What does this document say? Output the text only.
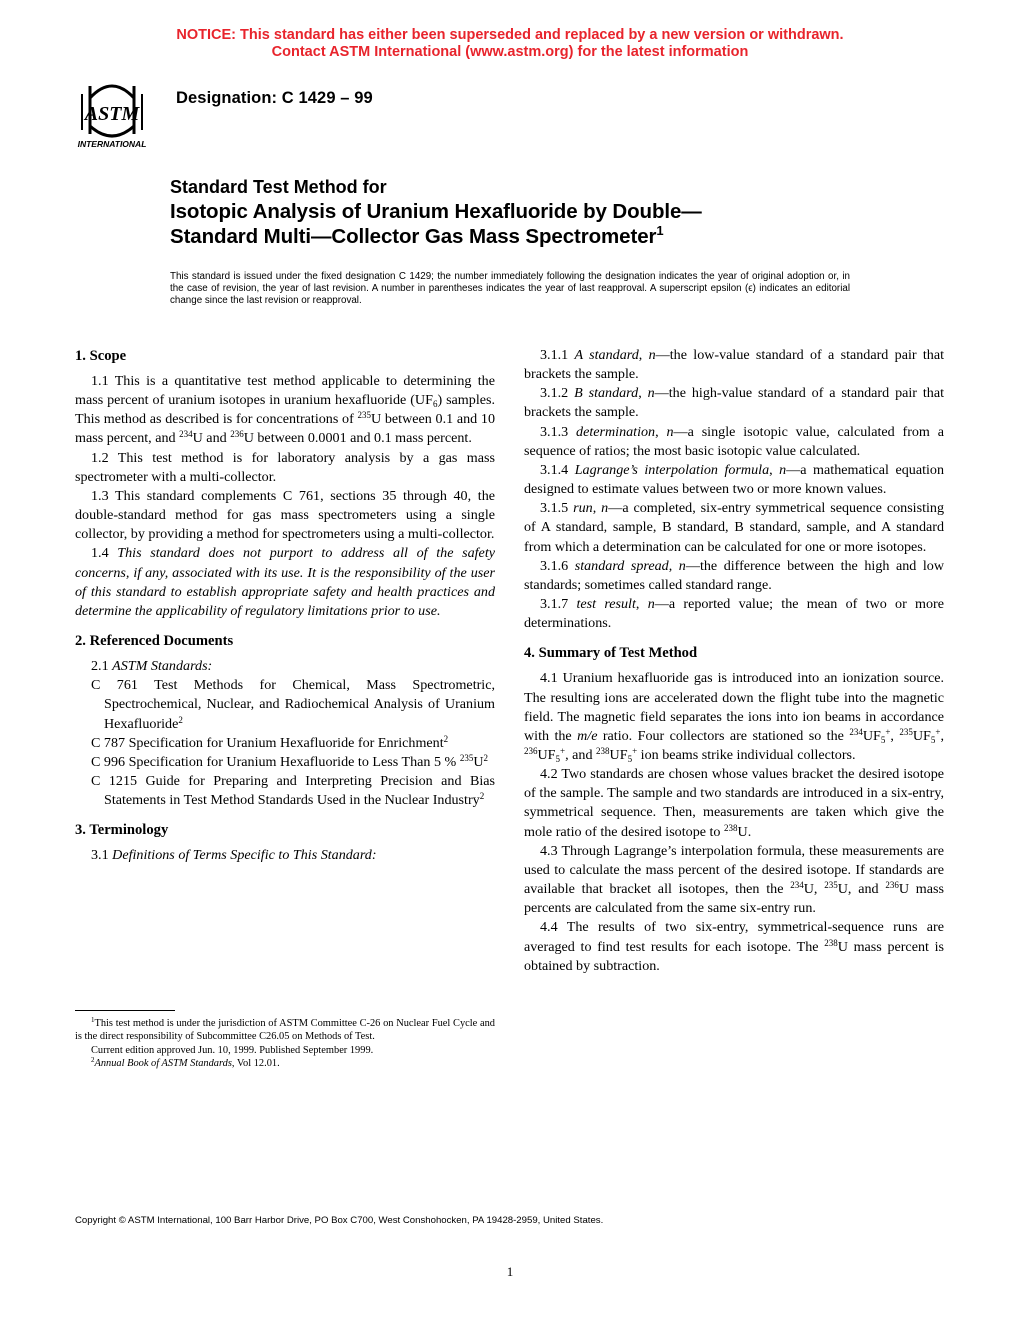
NOTICE: This standard has either been superseded and replaced by a new version or withdrawn.
Contact ASTM International (www.astm.org) for the latest information
ASTM
INTERNATIONAL
Designation: C 1429 – 99
Standard Test Method for
Isotopic Analysis of Uranium Hexafluoride by Double—
Standard Multi—Collector Gas Mass Spectrometer$^1$
This standard is issued under the fixed designation C 1429; the number immediately following the designation indicates the year of original adoption or, in the case of revision, the year of last revision. A number in parentheses indicates the year of last reapproval. A superscript epsilon (ϵ) indicates an editorial change since the last revision or reapproval.
1. Scope

1.1 This is a quantitative test method applicable to determining the mass percent of uranium isotopes in uranium hexafluoride $(UF_6)$ samples. This method as described is for concentrations of $^{235}$U between 0.1 and 10 mass percent, and $^{234}$U and $^{236}$U between 0.0001 and 0.1 mass percent.

1.2 This test method is for laboratory analysis by a gas mass spectrometer with a multi-collector.

1.3 This standard complements C 761, sections 35 through 40, the double-standard method for gas mass spectrometers using a single collector, by providing a method for spectrometers using a multi-collector.

1.4 This standard does not purport to address all of the safety concerns, if any, associated with its use. It is the responsibility of the user of this standard to establish appropriate safety and health practices and determine the applicability of regulatory limitations prior to use.

2. Referenced Documents

2.1 ASTM Standards:

C 761 Test Methods for Chemical, Mass Spectrometric, Spectrochemical, Nuclear, and Radiochemical Analysis of Uranium Hexafluoride$^2$

C 787 Specification for Uranium Hexafluoride for Enrichment$^2$

C 996 Specification for Uranium Hexafluoride to Less Than 5 % $^{235}U^2$

C 1215 Guide for Preparing and Interpreting Precision and Bias Statements in Test Method Standards Used in the Nuclear Industry$^2$

3. Terminology

3.1 Definitions of Terms Specific to This Standard:

3.1.1 A standard, n—the low-value standard of a standard pair that brackets the sample.

3.1.2 B standard, n—the high-value standard of a standard pair that brackets the sample.

3.1.3 determination, n—a single isotopic value, calculated from a sequence of ratios; the most basic isotopic value calculated.

3.1.4 Lagrange’s interpolation formula, n—a mathematical equation designed to estimate values between two or more known values.

3.1.5 run, n—a completed, six-entry symmetrical sequence consisting of A standard, sample, B standard, B standard, sample, and A standard from which a determination can be calculated for one or more isotopes.

3.1.6 standard spread, n—the difference between the high and low standards; sometimes called standard range.

3.1.7 test result, n—a reported value; the mean of two or more determinations.

4. Summary of Test Method

4.1 Uranium hexafluoride gas is introduced into an ionization source. The resulting ions are accelerated down the flight tube into the magnetic field. The magnetic field separates the ions into ion beams in accordance with the m/e ratio. Four collectors are stationed so the $^{234}UF_5^+$, $^{235}UF_5^+$, $^{236}UF_5^+$, and $^{238}UF_5^+$ ion beams strike individual collectors.

4.2 Two standards are chosen whose values bracket the desired isotope of the sample. The sample and two standards are introduced in a six-entry, symmetrical sequence. Then, measurements are taken which give the mole ratio of the desired isotope to $^{238}$U.

4.3 Through Lagrange’s interpolation formula, these measurements are used to calculate the mass percent of the desired isotope. If standards are available that bracket all isotopes, then the $^{234}$U, $^{235}$U, and $^{236}$U mass percents are calculated from the same six-entry run.

4.4 The results of two six-entry, symmetrical-sequence runs are averaged to find test results for each isotope. The $^{238}$U mass percent is obtained by subtraction.

$^1$This test method is under the jurisdiction of ASTM Committee C-26 on Nuclear Fuel Cycle and is the direct responsibility of Subcommittee C26.05 on Methods of Test.

Current edition approved Jun. 10, 1999. Published September 1999.

$^2$Annual Book of ASTM Standards, Vol 12.01.

Copyright © ASTM International, 100 Barr Harbor Drive, PO Box C700, West Conshohocken, PA 19428-2959, United States.
1
